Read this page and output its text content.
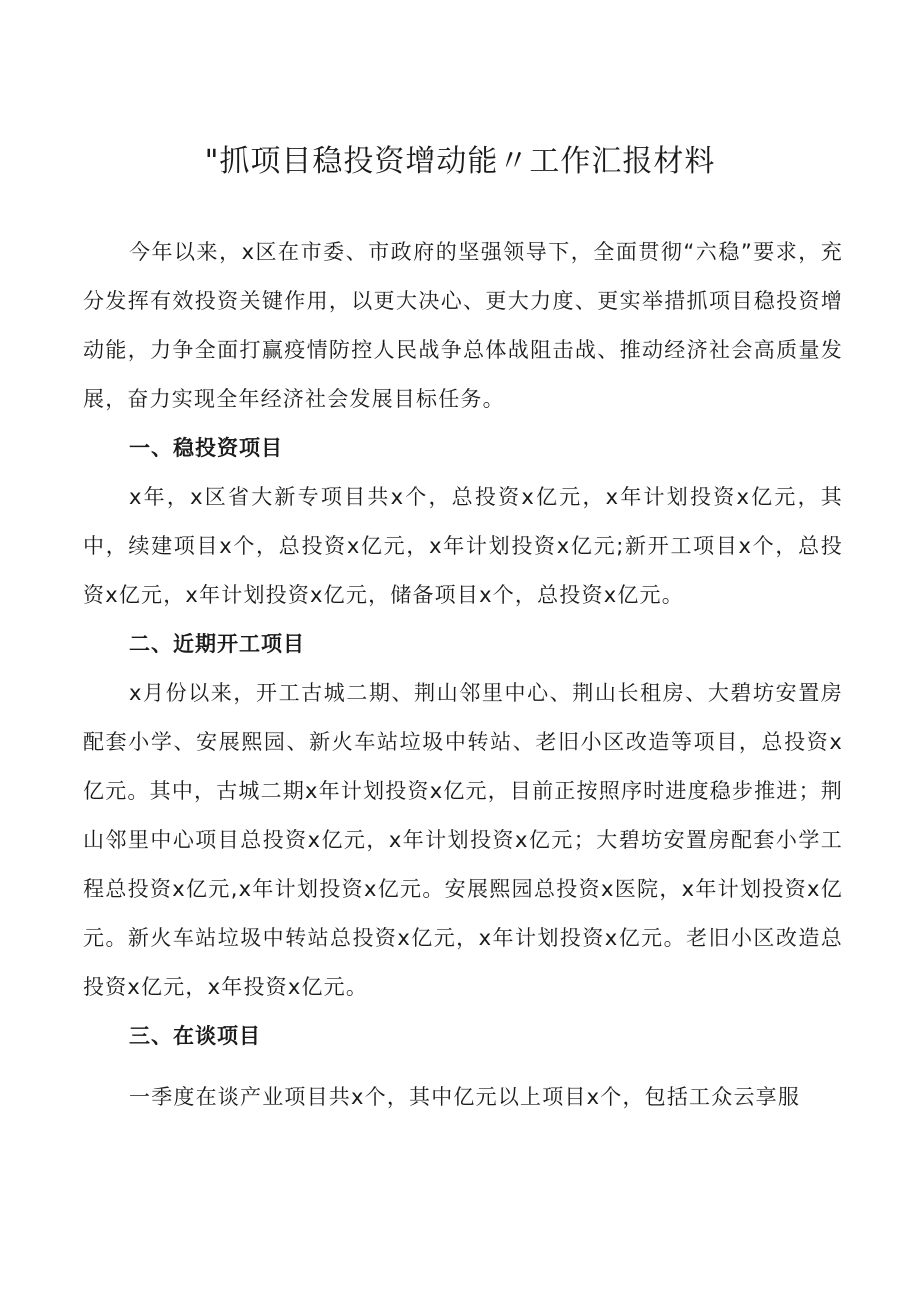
"抓项目稳投资增动能〃工作汇报材料

今年以来，x区在市委、市政府的坚强领导下，全面贯彻“六稳”要求，充分发挥有效投资关键作用，以更大决心、更大力度、更实举措抓项目稳投资增动能，力争全面打赢疫情防控人民战争总体战阻击战、推动经济社会高质量发展，奋力实现全年经济社会发展目标任务。

一、稳投资项目

x年，x区省大新专项目共x个，总投资x亿元，x年计划投资x亿元，其中，续建项目x个，总投资x亿元，x年计划投资x亿元;新开工项目x个，总投资x亿元，x年计划投资x亿元，储备项目x个，总投资x亿元。

二、近期开工项目

x月份以来，开工古城二期、荆山邻里中心、荆山长租房、大碧坊安置房配套小学、安展熙园、新火车站垃圾中转站、老旧小区改造等项目，总投资x亿元。其中，古城二期x年计划投资x亿元，目前正按照序时进度稳步推进；荆山邻里中心项目总投资x亿元，x年计划投资x亿元；大碧坊安置房配套小学工程总投资x亿元,x年计划投资x亿元。安展熙园总投资x医院，x年计划投资x亿元。新火车站垃圾中转站总投资x亿元，x年计划投资x亿元。老旧小区改造总投资x亿元，x年投资x亿元。

三、在谈项目

一季度在谈产业项目共x个，其中亿元以上项目x个，包括工众云享服
